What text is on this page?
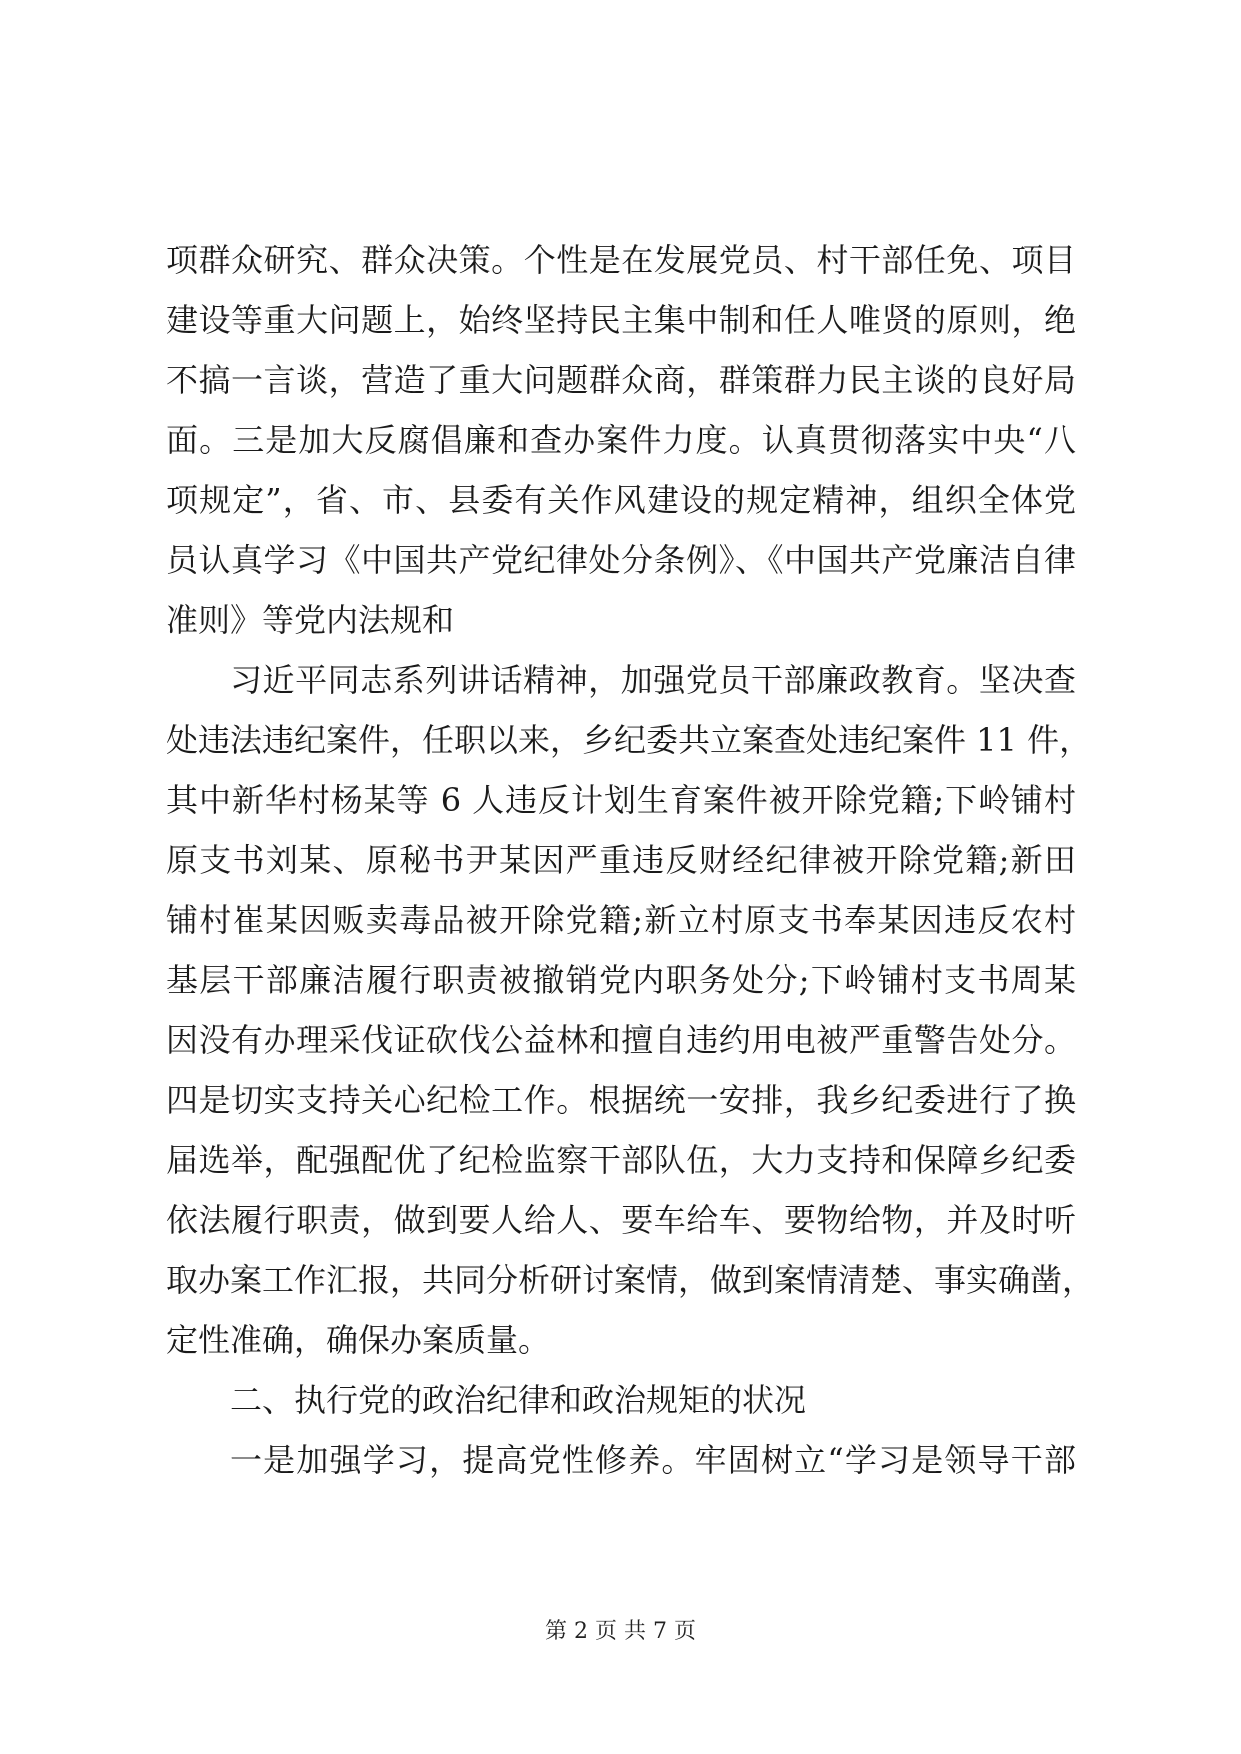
项群众研究、群众决策。个性是在发展党员、村干部任免、项目
建设等重大问题上，始终坚持民主集中制和任人唯贤的原则，绝
不搞一言谈，营造了重大问题群众商，群策群力民主谈的良好局
面。三是加大反腐倡廉和查办案件力度。认真贯彻落实中央“八
项规定”，省、市、县委有关作风建设的规定精神，组织全体党
员认真学习《中国共产党纪律处分条例》、《中国共产党廉洁自律
准则》等党内法规和
习近平同志系列讲话精神，加强党员干部廉政教育。坚决查
处违法违纪案件，任职以来，乡纪委共立案查处违纪案件 11 件，
其中新华村杨某等 6 人违反计划生育案件被开除党籍;下岭铺村
原支书刘某、原秘书尹某因严重违反财经纪律被开除党籍;新田
铺村崔某因贩卖毒品被开除党籍;新立村原支书奉某因违反农村
基层干部廉洁履行职责被撤销党内职务处分;下岭铺村支书周某
因没有办理采伐证砍伐公益林和擅自违约用电被严重警告处分。
四是切实支持关心纪检工作。根据统一安排，我乡纪委进行了换
届选举，配强配优了纪检监察干部队伍，大力支持和保障乡纪委
依法履行职责，做到要人给人、要车给车、要物给物，并及时听
取办案工作汇报，共同分析研讨案情，做到案情清楚、事实确凿，
定性准确，确保办案质量。
二、执行党的政治纪律和政治规矩的状况
一是加强学习，提高党性修养。牢固树立“学习是领导干部
第 2 页 共 7 页
